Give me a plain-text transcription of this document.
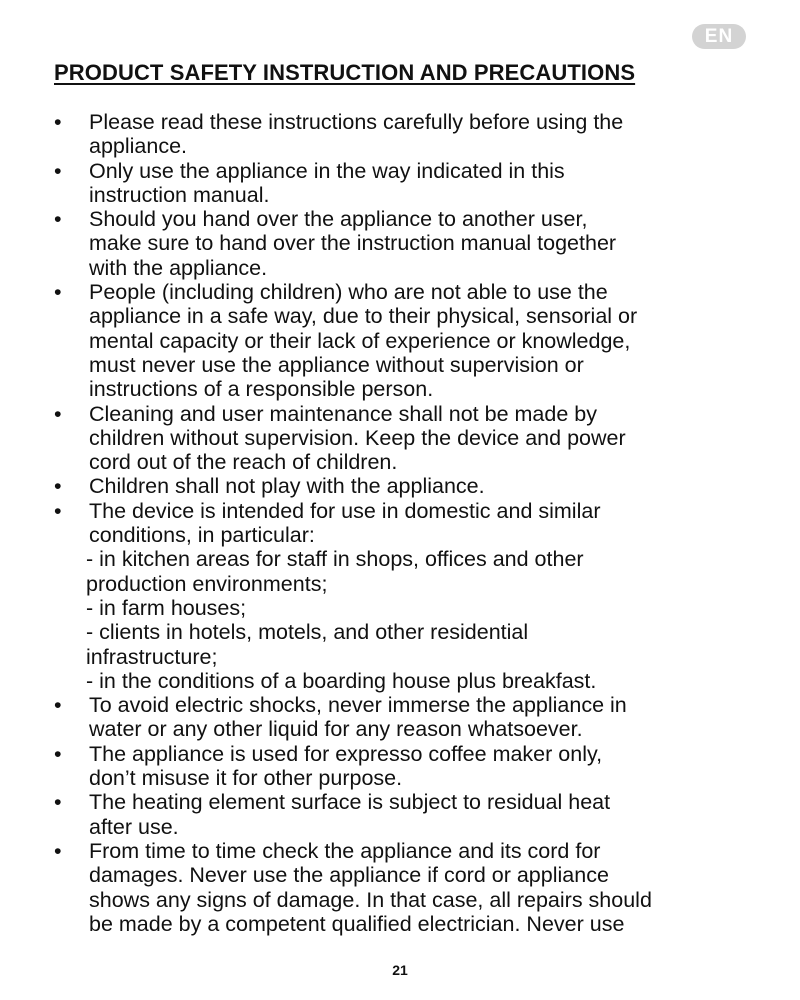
EN
PRODUCT SAFETY INSTRUCTION AND PRECAUTIONS
• Please read these instructions carefully before using the
appliance.
• Only use the appliance in the way indicated in this
instruction manual.
• Should you hand over the appliance to another user,
make sure to hand over the instruction manual together
with the appliance.
• People (including children) who are not able to use the
appliance in a safe way, due to their physical, sensorial or
mental capacity or their lack of experience or knowledge,
must never use the appliance without supervision or
instructions of a responsible person.
• Cleaning and user maintenance shall not be made by
children without supervision. Keep the device and power
cord out of the reach of children.
• Children shall not play with the appliance.
• The device is intended for use in domestic and similar
conditions, in particular:
- in kitchen areas for staff in shops, offices and other
production environments;
- in farm houses;
- clients in hotels, motels, and other residential
infrastructure;
- in the conditions of a boarding house plus breakfast.
• To avoid electric shocks, never immerse the appliance in
water or any other liquid for any reason whatsoever.
• The appliance is used for expresso coffee maker only,
don’t misuse it for other purpose.
• The heating element surface is subject to residual heat
after use.
• From time to time check the appliance and its cord for
damages. Never use the appliance if cord or appliance
shows any signs of damage. In that case, all repairs should
be made by a competent qualified electrician. Never use
21
